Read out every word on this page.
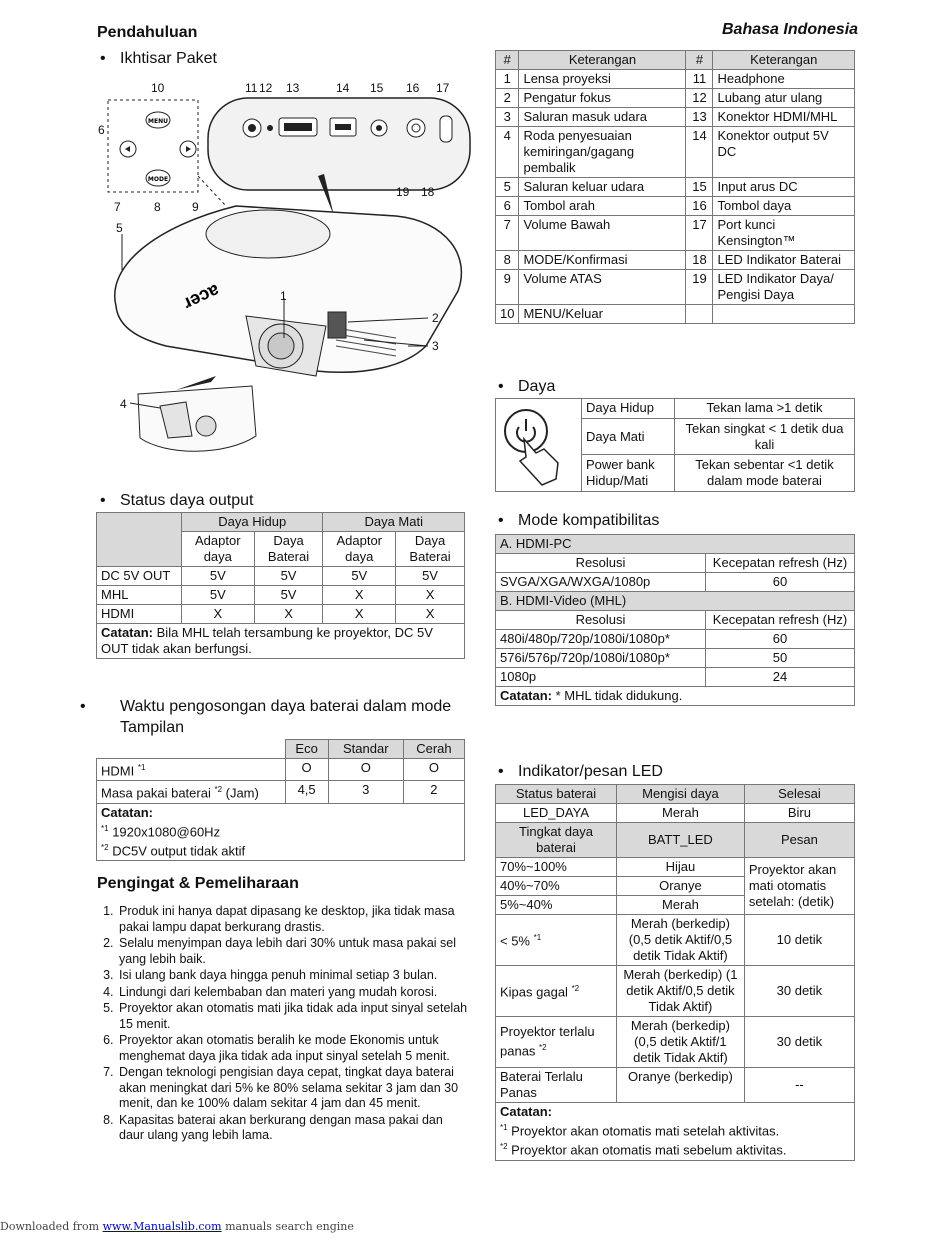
Pendahuluan	Bahasa Indonesia
• Ikhtisar Paket
MENU
MODE
acer
10	11 12 13	14 15 16 17
6
7	8	9
19 18
5
1
2
3
4
#	Keterangan	#	Keterangan
1	Lensa proyeksi	11	Headphone
2	Pengatur fokus	12	Lubang atur ulang
3	Saluran masuk udara	13	Konektor HDMI/MHL
4	Roda penyesuaian kemiringan/gagang pembalik	14	Konektor output 5V DC
5	Saluran keluar udara	15	Input arus DC
6	Tombol arah	16	Tombol daya
7	Volume Bawah	17	Port kunci Kensington™
8	MODE/Konfirmasi	18	LED Indikator Baterai
9	Volume ATAS	19	LED Indikator Daya/ Pengisi Daya
10	MENU/Keluar		
• Daya
Daya Hidup	Tekan lama >1 detik
Daya Mati	Tekan singkat < 1 detik dua kali
Power bank Hidup/Mati	Tekan sebentar <1 detik dalam mode baterai
• Status daya output
	Daya Hidup		Daya Mati	
	Adaptor daya	Daya Baterai	Adaptor daya	Daya Baterai
DC 5V OUT	5V	5V	5V	5V
MHL	5V	5V	X	X
HDMI	X	X	X	X
Catatan: Bila MHL telah tersambung ke proyektor, DC 5V OUT tidak akan berfungsi.				
• Waktu pengosongan daya baterai dalam mode Tampilan
	Eco	Standar	Cerah
HDMI $^{*1}$	O	O	O
Masa pakai baterai $^{*2}$ (Jam)	4,5	3	2
Catatan:
$^{*1}$ 1920x1080@60Hz
$^{*2}$ DC5V output tidak aktif			
Pengingat & Pemeliharaan
1. Produk ini hanya dapat dipasang ke desktop, jika tidak masa pakai lampu dapat berkurang drastis.
2. Selalu menyimpan daya lebih dari 30% untuk masa pakai sel yang lebih baik.
3. Isi ulang bank daya hingga penuh minimal setiap 3 bulan.
4. Lindungi dari kelembaban dan materi yang mudah korosi.
5. Proyektor akan otomatis mati jika tidak ada input sinyal setelah 15 menit.
6. Proyektor akan otomatis beralih ke mode Ekonomis untuk menghemat daya jika tidak ada input sinyal setelah 5 menit.
7. Dengan teknologi pengisian daya cepat, tingkat daya baterai akan meningkat dari 5% ke 80% selama sekitar 3 jam dan 30 menit, dan ke 100% dalam sekitar 4 jam dan 45 menit.
8. Kapasitas baterai akan berkurang dengan masa pakai dan daur ulang yang lebih lama.
• Mode kompatibilitas
A. HDMI-PC	
Resolusi	Kecepatan refresh (Hz)
SVGA/XGA/WXGA/1080p	60
B. HDMI-Video (MHL)	
Resolusi	Kecepatan refresh (Hz)
480i/480p/720p/1080i/1080p*	60
576i/576p/720p/1080i/1080p*	50
1080p	24
Catatan: * MHL tidak didukung.	
• Indikator/pesan LED
Status baterai	Mengisi daya	Selesai
LED_DAYA	Merah	Biru
Tingkat daya baterai	BATT_LED	Pesan
70%~100%	Hijau	Proyektor akan mati otomatis setelah: (detik)
40%~70%	Oranye	
5%~40%	Merah	
< 5% $^{*1}$	Merah (berkedip) (0,5 detik Aktif/0,5 detik Tidak Aktif)	10 detik
Kipas gagal $^{*2}$	Merah (berkedip) (1 detik Aktif/0,5 detik Tidak Aktif)	30 detik
Proyektor terlalu panas $^{*2}$	Merah (berkedip) (0,5 detik Aktif/1 detik Tidak Aktif)	30 detik
Baterai Terlalu Panas	Oranye (berkedip)	--
Catatan:
$^{*1}$ Proyektor akan otomatis mati setelah aktivitas.
$^{*2}$ Proyektor akan otomatis mati sebelum aktivitas.		
Downloaded from www.Manualslib.com manuals search engine
